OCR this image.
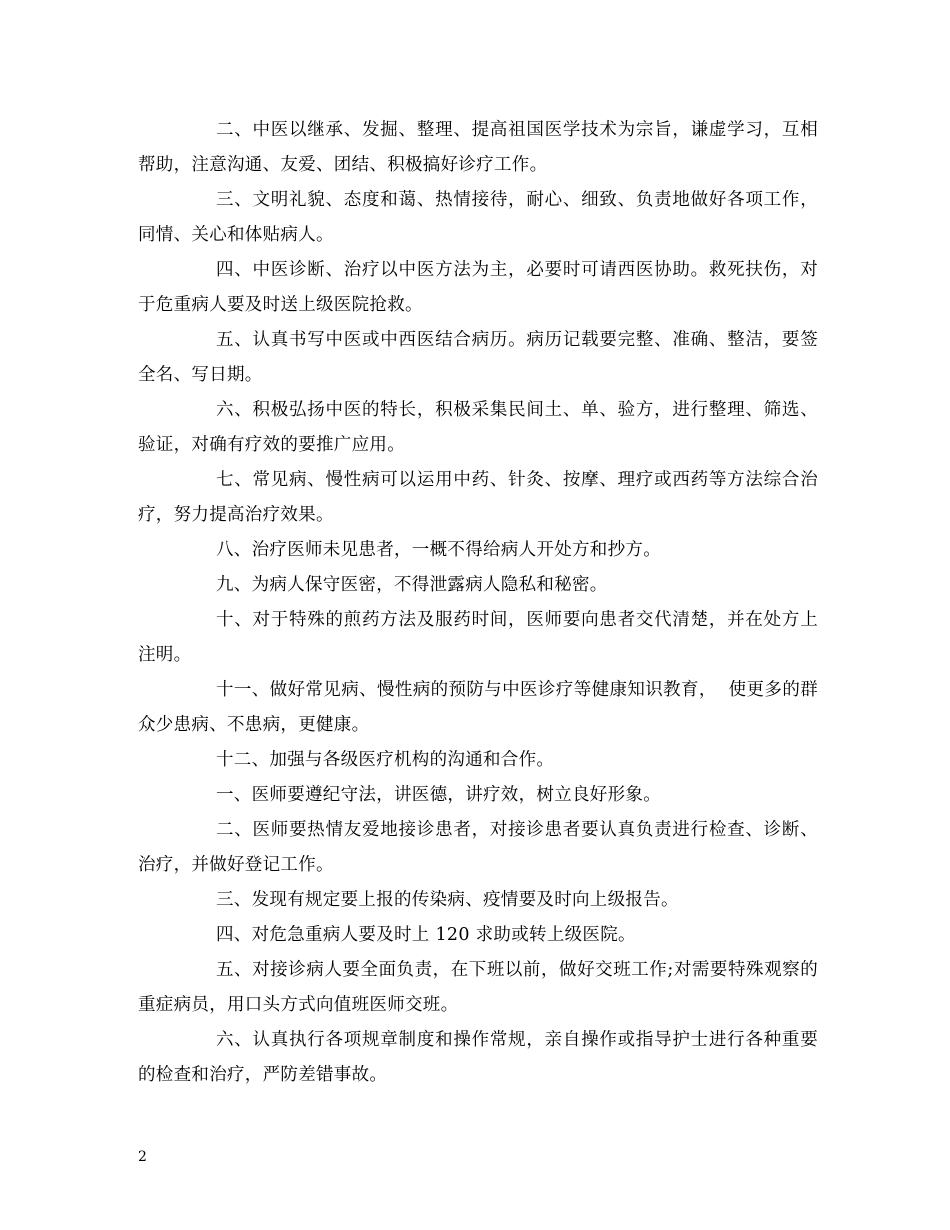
二、中医以继承、发掘、整理、提高祖国医学技术为宗旨，谦虚学习，互相帮助，注意沟通、友爱、团结、积极搞好诊疗工作。

三、文明礼貌、态度和蔼、热情接待，耐心、细致、负责地做好各项工作，同情、关心和体贴病人。

四、中医诊断、治疗以中医方法为主，必要时可请西医协助。救死扶伤，对于危重病人要及时送上级医院抢救。

五、认真书写中医或中西医结合病历。病历记载要完整、准确、整洁，要签全名、写日期。

六、积极弘扬中医的特长，积极采集民间土、单、验方，进行整理、筛选、验证，对确有疗效的要推广应用。

七、常见病、慢性病可以运用中药、针灸、按摩、理疗或西药等方法综合治疗，努力提高治疗效果。

八、治疗医师未见患者，一概不得给病人开处方和抄方。

九、为病人保守医密，不得泄露病人隐私和秘密。

十、对于特殊的煎药方法及服药时间，医师要向患者交代清楚，并在处方上注明。

十一、做好常见病、慢性病的预防与中医诊疗等健康知识教育，  使更多的群众少患病、不患病，更健康。

十二、加强与各级医疗机构的沟通和合作。

一、医师要遵纪守法，讲医德，讲疗效，树立良好形象。

二、医师要热情友爱地接诊患者，对接诊患者要认真负责进行检查、诊断、治疗，并做好登记工作。

三、发现有规定要上报的传染病、疫情要及时向上级报告。

四、对危急重病人要及时上 120 求助或转上级医院。

五、对接诊病人要全面负责，在下班以前，做好交班工作;对需要特殊观察的重症病员，用口头方式向值班医师交班。

六、认真执行各项规章制度和操作常规，亲自操作或指导护士进行各种重要的检查和治疗，严防差错事故。

2
